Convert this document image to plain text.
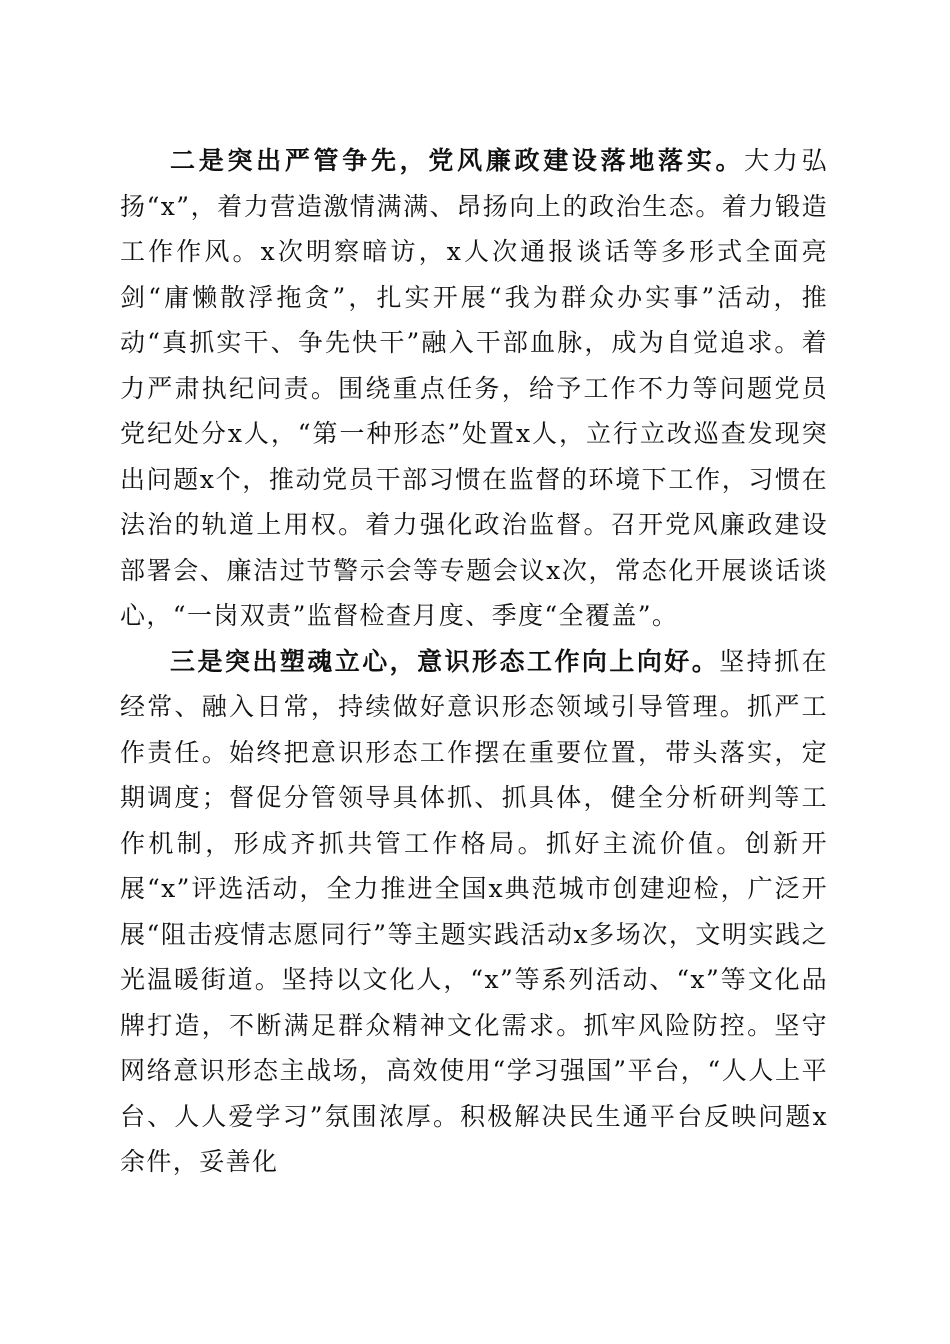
二是突出严管争先，党风廉政建设落地落实。大力弘扬“x”，着力营造激情满满、昂扬向上的政治生态。着力锻造工作作风。x次明察暗访，x人次通报谈话等多形式全面亮剑“庸懒散浮拖贪”，扎实开展“我为群众办实事”活动，推动“真抓实干、争先快干”融入干部血脉，成为自觉追求。着力严肃执纪问责。围绕重点任务，给予工作不力等问题党员党纪处分x人，“第一种形态”处置x人，立行立改巡查发现突出问题x个，推动党员干部习惯在监督的环境下工作，习惯在法治的轨道上用权。着力强化政治监督。召开党风廉政建设部署会、廉洁过节警示会等专题会议x次，常态化开展谈话谈心，“一岗双责”监督检查月度、季度“全覆盖”。

三是突出塑魂立心，意识形态工作向上向好。坚持抓在经常、融入日常，持续做好意识形态领域引导管理。抓严工作责任。始终把意识形态工作摆在重要位置，带头落实，定期调度；督促分管领导具体抓、抓具体，健全分析研判等工作机制，形成齐抓共管工作格局。抓好主流价值。创新开展“x”评选活动，全力推进全国x典范城市创建迎检，广泛开展“阻击疫情志愿同行”等主题实践活动x多场次，文明实践之光温暖街道。坚持以文化人，“x”等系列活动、“x”等文化品牌打造，不断满足群众精神文化需求。抓牢风险防控。坚守网络意识形态主战场，高效使用“学习强国”平台，“人人上平台、人人爱学习”氛围浓厚。积极解决民生通平台反映问题x余件，妥善化
